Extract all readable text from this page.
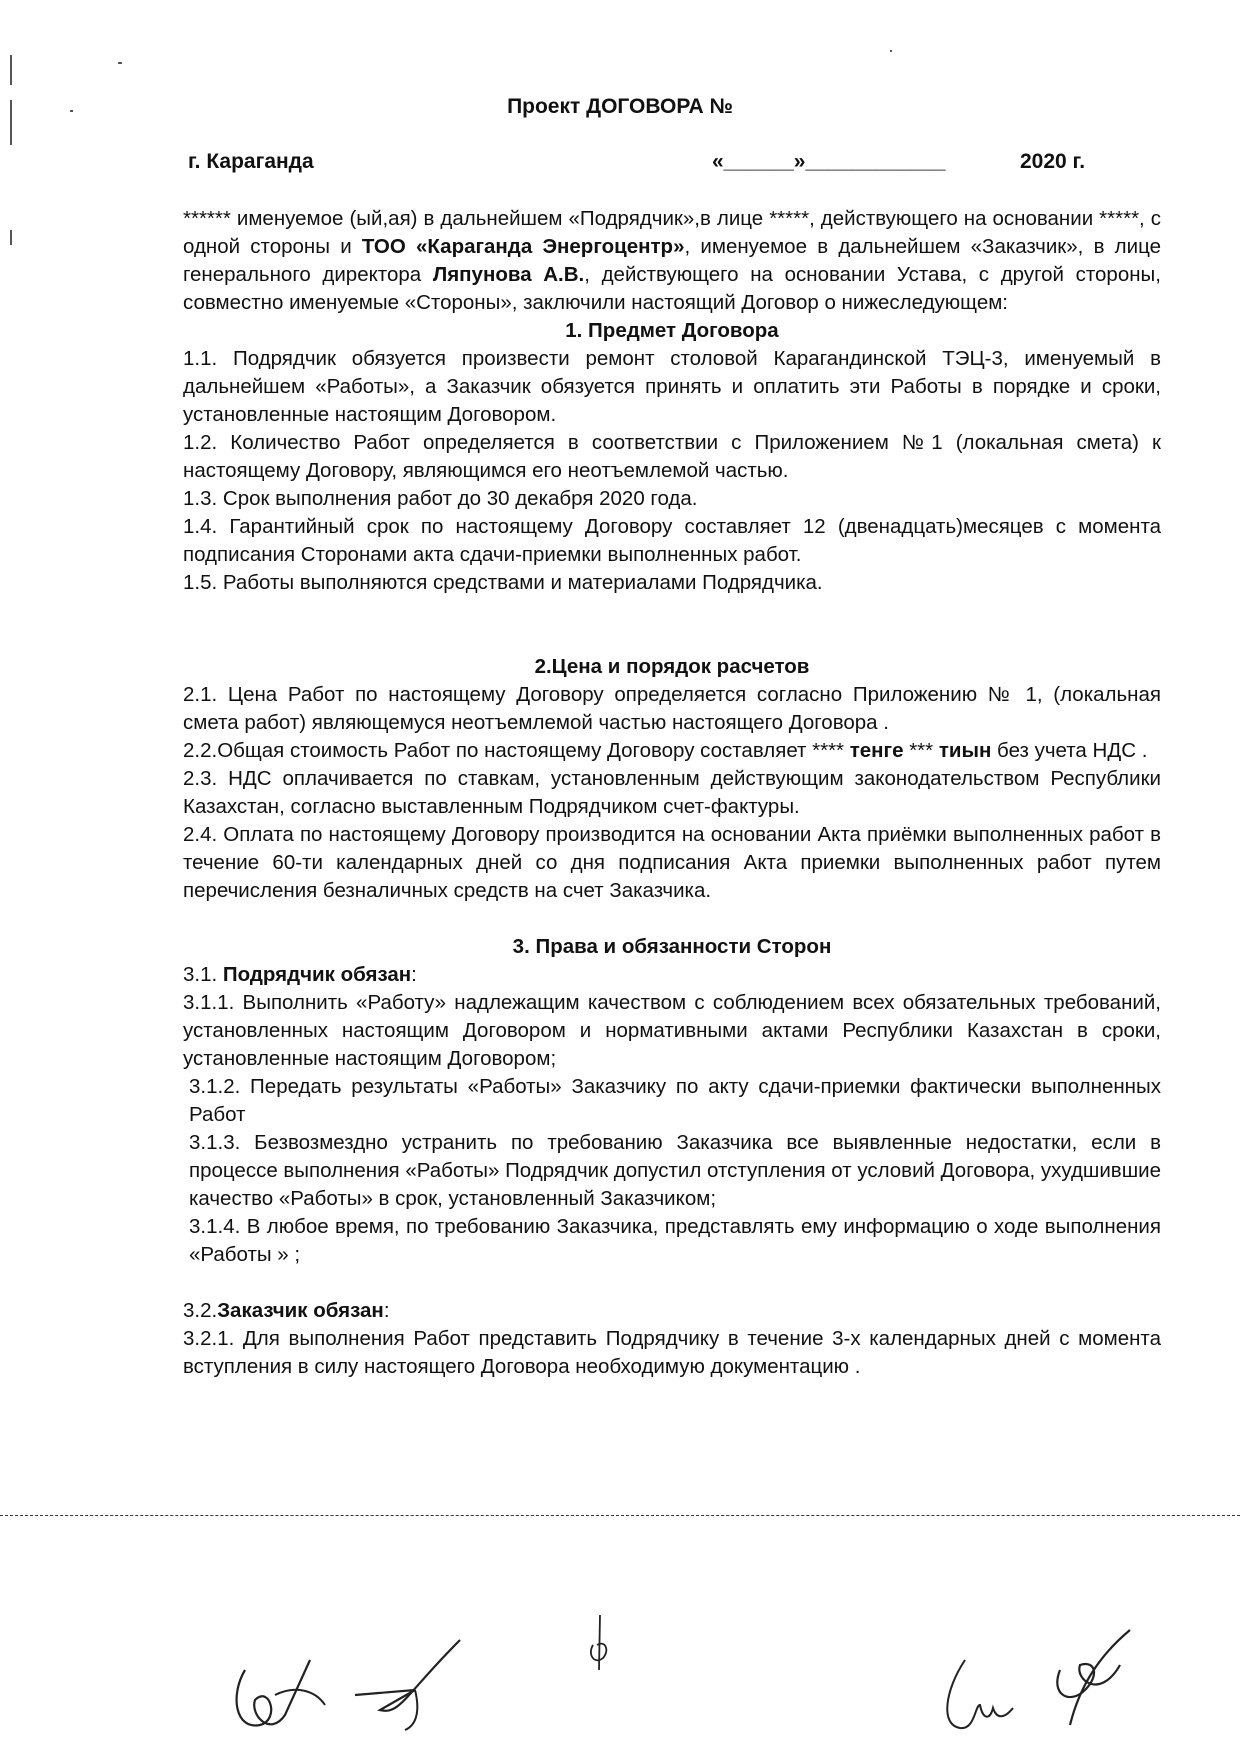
Проект ДОГОВОРА №
г. Караганда	«______»____________	2020 г.

****** именуемое (ый,ая) в дальнейшем «Подрядчик»,в лице *****, действующего на основании *****, с одной стороны и ТОО «Караганда Энергоцентр», именуемое в дальнейшем «Заказчик», в лице генерального директора Ляпунова А.В., действующего на основании Устава, с другой стороны, совместно именуемые «Стороны», заключили настоящий Договор о нижеследующем:

1. Предмет Договора

1.1. Подрядчик обязуется произвести ремонт столовой Карагандинской ТЭЦ-3, именуемый в дальнейшем «Работы», а Заказчик обязуется принять и оплатить эти Работы в порядке и сроки, установленные настоящим Договором.

1.2. Количество Работ определяется в соответствии с Приложением №1 (локальная смета) к настоящему Договору, являющимся его неотъемлемой частью.

1.3. Срок выполнения работ до 30 декабря 2020 года.

1.4. Гарантийный срок по настоящему Договору составляет 12 (двенадцать)месяцев с момента подписания Сторонами акта сдачи-приемки выполненных работ.

1.5. Работы выполняются средствами и материалами Подрядчика.

2.Цена и порядок расчетов

2.1. Цена Работ по настоящему Договору определяется согласно Приложению № 1, (локальная смета работ) являющемуся неотъемлемой частью настоящего Договора .

2.2.Общая стоимость Работ по настоящему Договору составляет **** тенге *** тиын без учета НДС .

2.3. НДС оплачивается по ставкам, установленным действующим законодательством Республики Казахстан, согласно выставленным Подрядчиком счет-фактуры.

2.4. Оплата по настоящему Договору производится на основании Акта приёмки выполненных работ в течение 60-ти календарных дней со дня подписания Акта приемки выполненных работ путем перечисления безналичных средств на счет Заказчика.

3. Права и обязанности Сторон

3.1. Подрядчик обязан:

3.1.1. Выполнить «Работу» надлежащим качеством с соблюдением всех обязательных требований, установленных настоящим Договором и нормативными актами Республики Казахстан в сроки, установленные настоящим Договором;

3.1.2. Передать результаты «Работы» Заказчику по акту сдачи-приемки фактически выполненных Работ

3.1.3. Безвозмездно устранить по требованию Заказчика все выявленные недостатки, если в процессе выполнения «Работы» Подрядчик допустил отступления от условий Договора, ухудшившие качество «Работы» в срок, установленный Заказчиком;

3.1.4. В любое время, по требованию Заказчика, представлять ему информацию о ходе выполнения «Работы » ;

3.2.Заказчик обязан:

3.2.1. Для выполнения Работ представить Подрядчику в течение 3-х календарных дней с момента вступления в силу настоящего Договора необходимую документацию .
